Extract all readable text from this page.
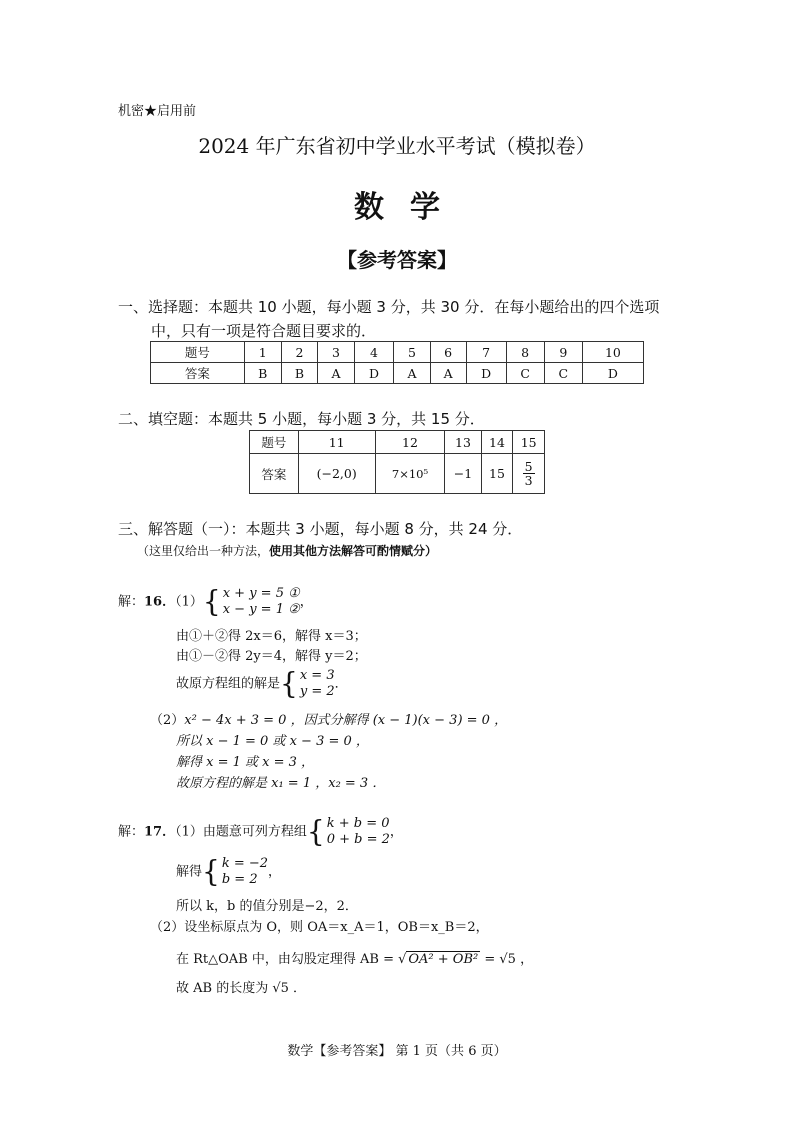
机密★启用前
2024 年广东省初中学业水平考试（模拟卷）
数学
【参考答案】
一、选择题：本题共 10 小题，每小题 3 分，共 30 分．在每小题给出的四个选项
中，只有一项是符合题目要求的．
题号	1	2	3	4	5	6	7	8	9	10
答案	B	B	A	D	A	A	D	C	C	D
二、填空题：本题共 5 小题，每小题 3 分，共 15 分．
题号	11	12	13	14	15
答案	(−2,0)	7×10⁵	−1	15	$\frac{5}{3}$
三、解答题（一）：本题共 3 小题，每小题 8 分，共 24 分．
（这里仅给出一种方法，使用其他方法解答可酌情赋分）
解：16．（1）{ x + y = 5 ①
x − y = 1 ② ，
由①＋②得 2x＝6，解得 x＝3；
由①－②得 2y＝4，解得 y＝2；
故原方程组的解是{ x = 3
y = 2 ．
（2）x² − 4x + 3 = 0 ，因式分解得 (x − 1)(x − 3) = 0 ，
所以 x − 1 = 0 或 x − 3 = 0 ，
解得 x = 1 或 x = 3 ，
故原方程的解是 x₁ = 1 ，x₂ = 3 ．
解：17．（1）由题意可列方程组{ k + b = 0
0 + b = 2 ，
解得{ k = −2
b = 2 ，
所以 k，b 的值分别是−2，2．
（2）设坐标原点为 O，则 OA＝x_A＝1，OB＝x_B＝2，
在 Rt△OAB 中，由勾股定理得 AB = √ OA² + OB² = √5 ，
故 AB 的长度为 √5 ．
数学【参考答案】 第 1 页（共 6 页）
